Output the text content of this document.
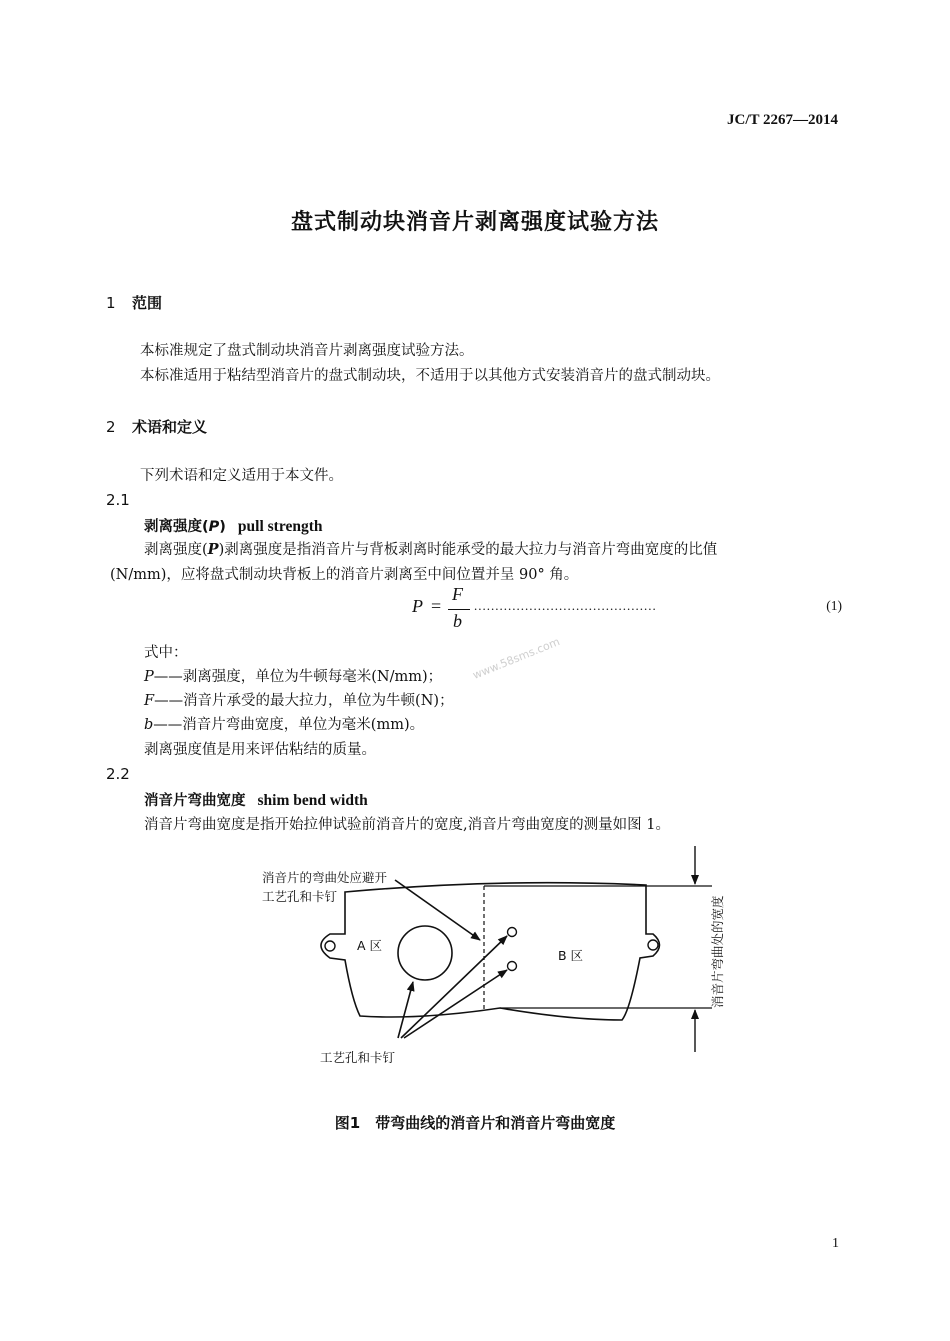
JC/T 2267—2014
盘式制动块消音片剥离强度试验方法
1 范围
本标准规定了盘式制动块消音片剥离强度试验方法。
本标准适用于粘结型消音片的盘式制动块，不适用于以其他方式安装消音片的盘式制动块。
2 术语和定义
下列术语和定义适用于本文件。
2.1
剥离强度(P) pull strength
剥离强度(P)剥离强度是指消音片与背板剥离时能承受的最大拉力与消音片弯曲宽度的比值
(N/mm)，应将盘式制动块背板上的消音片剥离至中间位置并呈 90° 角。
P =
F
b
...........................................	(1)
式中：
P——剥离强度，单位为牛顿每毫米(N/mm)；
F——消音片承受的最大拉力，单位为牛顿(N)；
b——消音片弯曲宽度，单位为毫米(mm)。
剥离强度值是用来评估粘结的质量。
www.58sms.com
2.2
消音片弯曲宽度 shim bend width
消音片弯曲宽度是指开始拉伸试验前消音片的宽度,消音片弯曲宽度的测量如图 1。
消音片的弯曲处应避开
工艺孔和卡钉
A 区
B 区
工艺孔和卡钉
消音片弯曲处的宽度
图1　带弯曲线的消音片和消音片弯曲宽度
1
